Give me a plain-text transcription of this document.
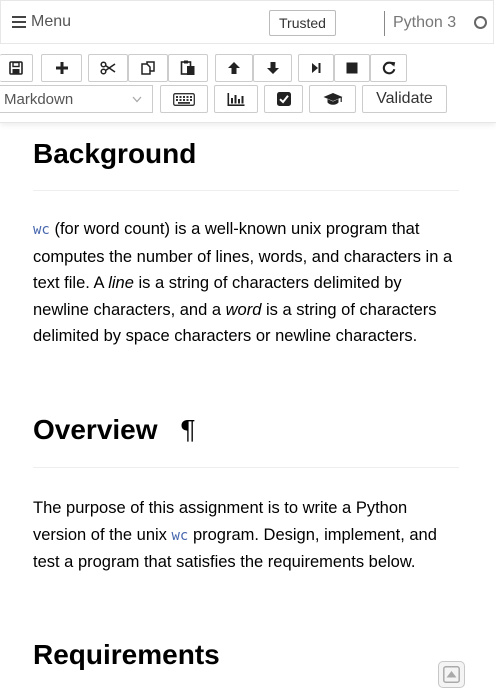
Menu	Trusted	Python 3
Markdown	Validate
Background

wc (for word count) is a well-known unix program that computes the number of lines, words, and characters in a text file. A line is a string of characters delimited by newline characters, and a word is a string of characters delimited by space characters or newline characters.

Overview ¶

The purpose of this assignment is to write a Python version of the unix wc program. Design, implement, and test a program that satisfies the requirements below.

Requirements
